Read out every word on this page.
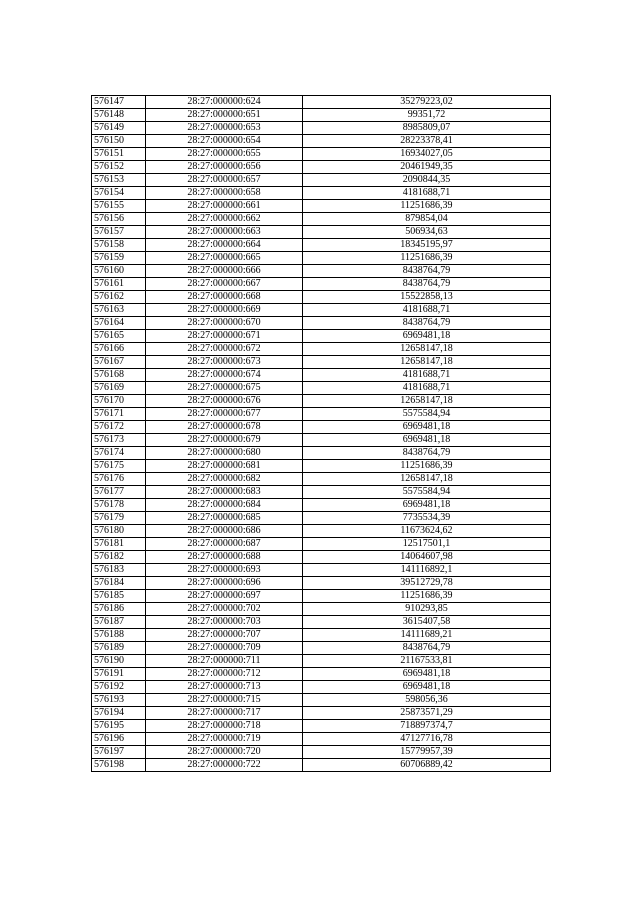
576147	28:27:000000:624	35279223,02
576148	28:27:000000:651	99351,72
576149	28:27:000000:653	8985809,07
576150	28:27:000000:654	28223378,41
576151	28:27:000000:655	16934027,05
576152	28:27:000000:656	20461949,35
576153	28:27:000000:657	2090844,35
576154	28:27:000000:658	4181688,71
576155	28:27:000000:661	11251686,39
576156	28:27:000000:662	879854,04
576157	28:27:000000:663	506934,63
576158	28:27:000000:664	18345195,97
576159	28:27:000000:665	11251686,39
576160	28:27:000000:666	8438764,79
576161	28:27:000000:667	8438764,79
576162	28:27:000000:668	15522858,13
576163	28:27:000000:669	4181688,71
576164	28:27:000000:670	8438764,79
576165	28:27:000000:671	6969481,18
576166	28:27:000000:672	12658147,18
576167	28:27:000000:673	12658147,18
576168	28:27:000000:674	4181688,71
576169	28:27:000000:675	4181688,71
576170	28:27:000000:676	12658147,18
576171	28:27:000000:677	5575584,94
576172	28:27:000000:678	6969481,18
576173	28:27:000000:679	6969481,18
576174	28:27:000000:680	8438764,79
576175	28:27:000000:681	11251686,39
576176	28:27:000000:682	12658147,18
576177	28:27:000000:683	5575584,94
576178	28:27:000000:684	6969481,18
576179	28:27:000000:685	7735534,39
576180	28:27:000000:686	11673624,62
576181	28:27:000000:687	12517501,1
576182	28:27:000000:688	14064607,98
576183	28:27:000000:693	141116892,1
576184	28:27:000000:696	39512729,78
576185	28:27:000000:697	11251686,39
576186	28:27:000000:702	910293,85
576187	28:27:000000:703	3615407,58
576188	28:27:000000:707	14111689,21
576189	28:27:000000:709	8438764,79
576190	28:27:000000:711	21167533,81
576191	28:27:000000:712	6969481,18
576192	28:27:000000:713	6969481,18
576193	28:27:000000:715	598056,36
576194	28:27:000000:717	25873571,29
576195	28:27:000000:718	718897374,7
576196	28:27:000000:719	47127716,78
576197	28:27:000000:720	15779957,39
576198	28:27:000000:722	60706889,42
